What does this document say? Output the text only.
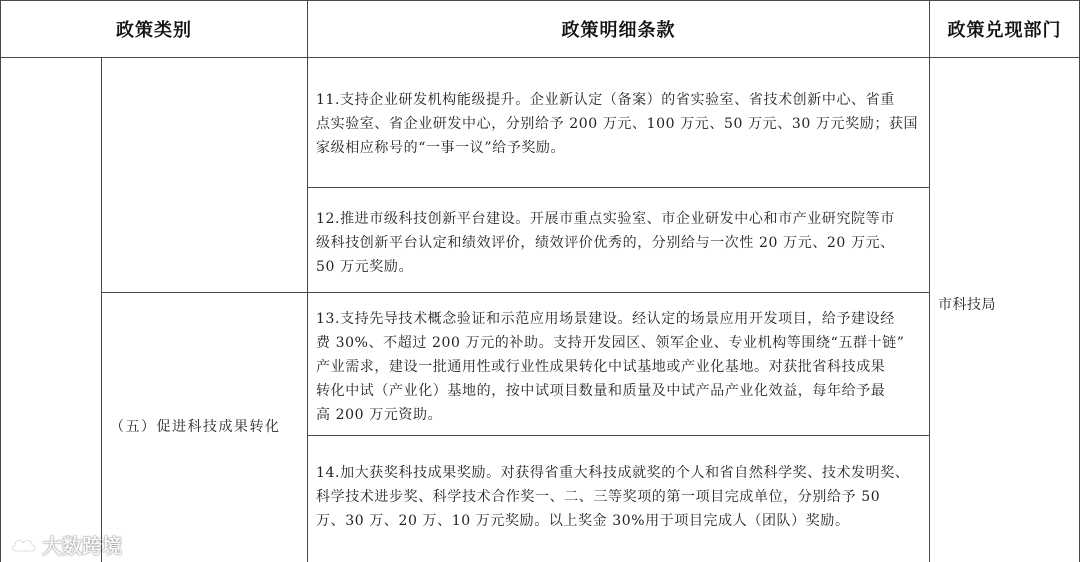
政策类别	政策明细条款	政策兑现部门
（五）促进科技成果转化
11.支持企业研发机构能级提升。企业新认定（备案）的省实验室、省技术创新中心、省重
点实验室、省企业研发中心，分别给予 200 万元、100 万元、50 万元、30 万元奖励；获国
家级相应称号的“一事一议”给予奖励。
12.推进市级科技创新平台建设。开展市重点实验室、市企业研发中心和市产业研究院等市
级科技创新平台认定和绩效评价，绩效评价优秀的，分别给与一次性 20 万元、20 万元、
50 万元奖励。
13.支持先导技术概念验证和示范应用场景建设。经认定的场景应用开发项目，给予建设经
费 30%、不超过 200 万元的补助。支持开发园区、领军企业、专业机构等围绕“五群十链”
产业需求，建设一批通用性或行业性成果转化中试基地或产业化基地。对获批省科技成果
转化中试（产业化）基地的，按中试项目数量和质量及中试产品产业化效益，每年给予最
高 200 万元资助。
14.加大获奖科技成果奖励。对获得省重大科技成就奖的个人和省自然科学奖、技术发明奖、
科学技术进步奖、科学技术合作奖一、二、三等奖项的第一项目完成单位，分别给予 50
万、30 万、20 万、10 万元奖励。以上奖金 30%用于项目完成人（团队）奖励。
市科技局
大数跨境
